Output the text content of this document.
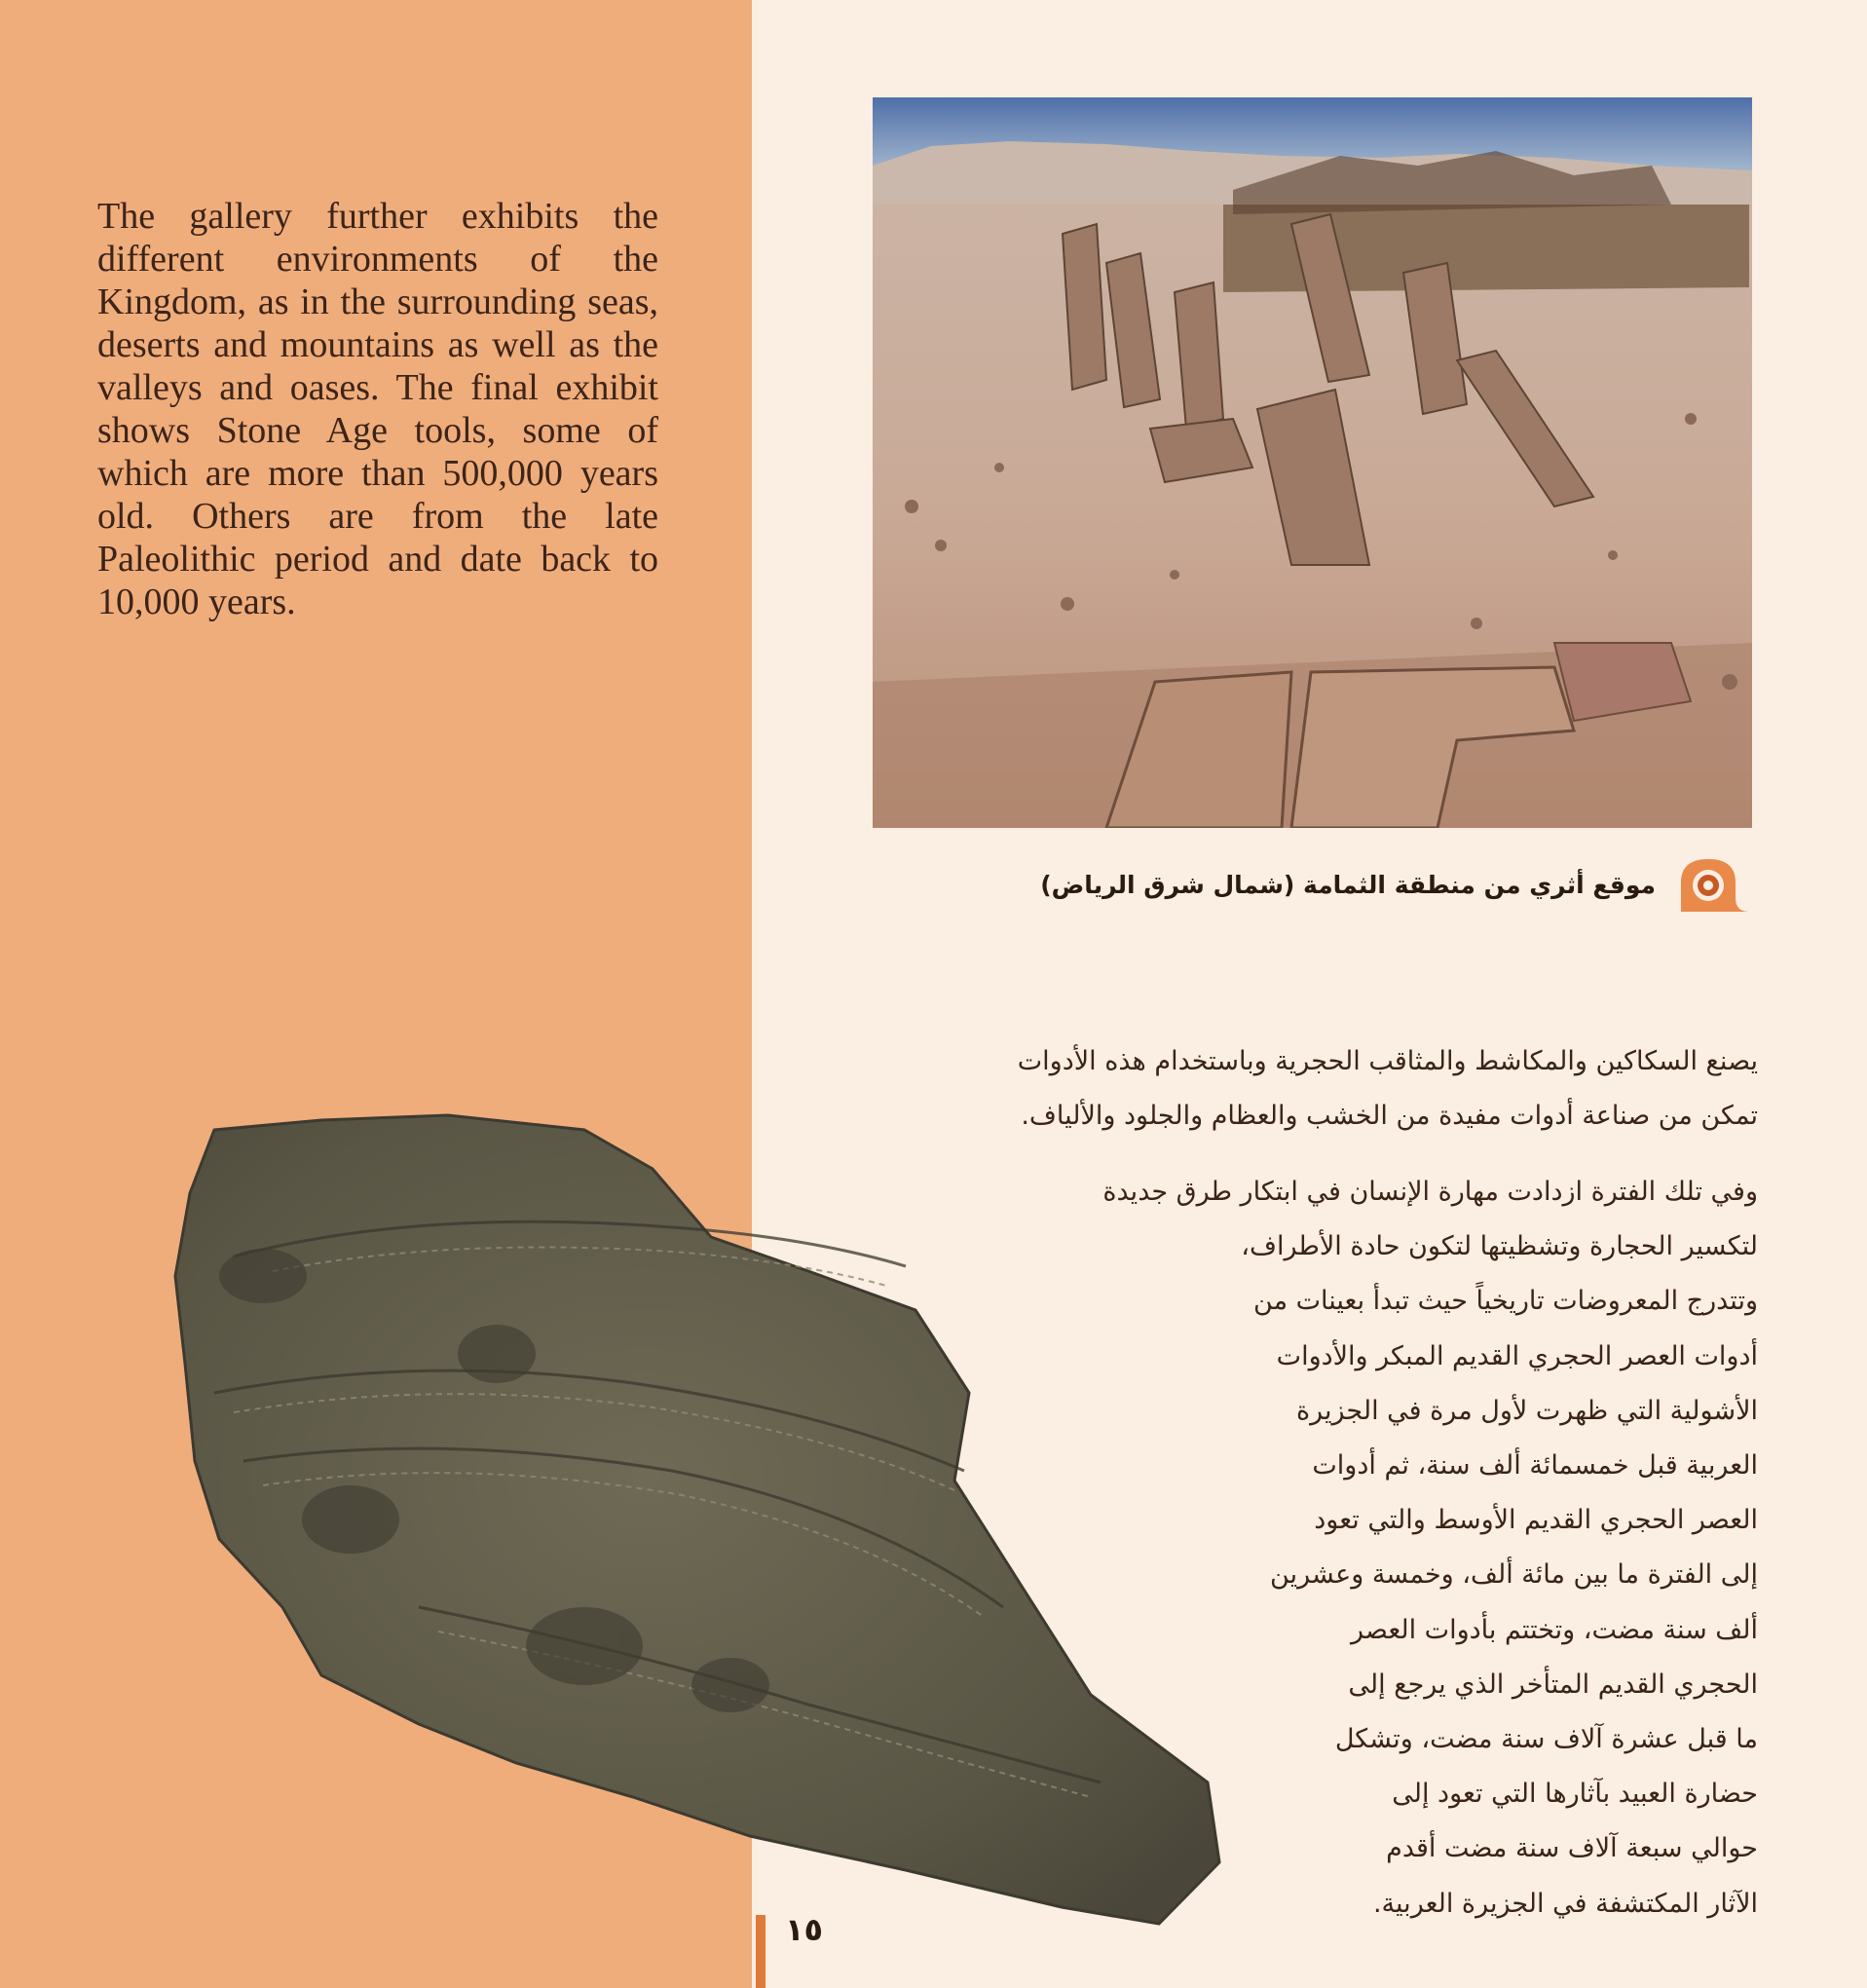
The gallery further exhibits the different environments of the Kingdom, as in the surrounding seas, deserts and mountains as well as the valleys and oases. The final exhibit shows Stone Age tools, some of which are more than 500,000 years old. Others are from the late Paleolithic period and date back to 10,000 years.

موقع أثري من منطقة الثمامة (شمال شرق الرياض)

يصنع السكاكين والمكاشط والمثاقب الحجرية وباستخدام هذه الأدوات
تمكن من صناعة أدوات مفيدة من الخشب والعظام والجلود والألياف.

وفي تلك الفترة ازدادت مهارة الإنسان في ابتكار طرق جديدة
لتكسير الحجارة وتشظيتها لتكون حادة الأطراف،
وتتدرج المعروضات تاريخياً حيث تبدأ بعينات من
أدوات العصر الحجري القديم المبكر والأدوات
الأشولية التي ظهرت لأول مرة في الجزيرة
العربية قبل خمسمائة ألف سنة، ثم أدوات
العصر الحجري القديم الأوسط والتي تعود
إلى الفترة ما بين مائة ألف، وخمسة وعشرين
ألف سنة مضت، وتختتم بأدوات العصر
الحجري القديم المتأخر الذي يرجع إلى
ما قبل عشرة آلاف سنة مضت، وتشكل
حضارة العبيد بآثارها التي تعود إلى
حوالي سبعة آلاف سنة مضت أقدم
الآثار المكتشفة في الجزيرة العربية.

١٥
